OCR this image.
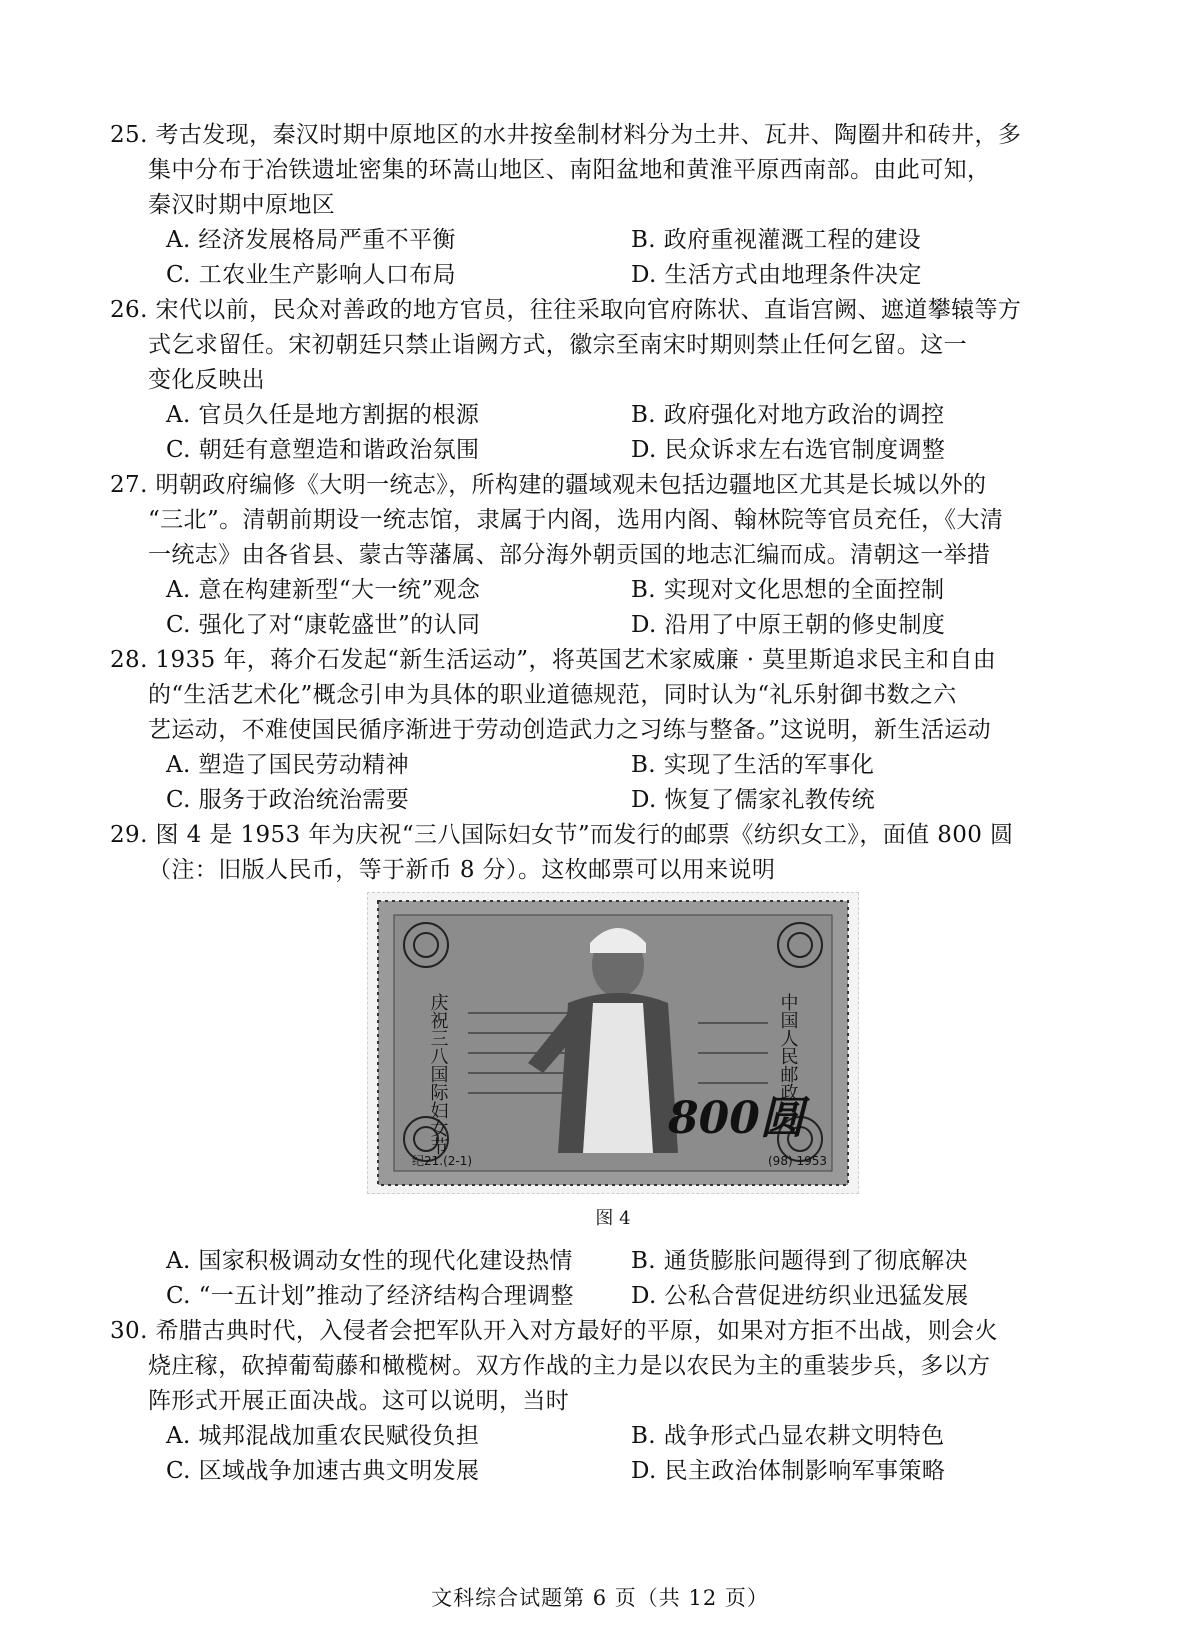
25. 考古发现，秦汉时期中原地区的水井按垒制材料分为土井、瓦井、陶圈井和砖井，多
集中分布于冶铁遗址密集的环嵩山地区、南阳盆地和黄淮平原西南部。由此可知，
秦汉时期中原地区
A. 经济发展格局严重不平衡	B. 政府重视灌溉工程的建设
C. 工农业生产影响人口布局	D. 生活方式由地理条件决定
26. 宋代以前，民众对善政的地方官员，往往采取向官府陈状、直诣宫阙、遮道攀辕等方
式乞求留任。宋初朝廷只禁止诣阙方式，徽宗至南宋时期则禁止任何乞留。这一
变化反映出
A. 官员久任是地方割据的根源	B. 政府强化对地方政治的调控
C. 朝廷有意塑造和谐政治氛围	D. 民众诉求左右选官制度调整
27. 明朝政府编修《大明一统志》，所构建的疆域观未包括边疆地区尤其是长城以外的
“三北”。清朝前期设一统志馆，隶属于内阁，选用内阁、翰林院等官员充任，《大清
一统志》由各省县、蒙古等藩属、部分海外朝贡国的地志汇编而成。清朝这一举措
A. 意在构建新型“大一统”观念	B. 实现对文化思想的全面控制
C. 强化了对“康乾盛世”的认同	D. 沿用了中原王朝的修史制度
28. 1935 年，蒋介石发起“新生活运动”，将英国艺术家威廉 · 莫里斯追求民主和自由
的“生活艺术化”概念引申为具体的职业道德规范，同时认为“礼乐射御书数之六
艺运动，不难使国民循序渐进于劳动创造武力之习练与整备。”这说明，新生活运动
A. 塑造了国民劳动精神	B. 实现了生活的军事化
C. 服务于政治统治需要	D. 恢复了儒家礼教传统
29. 图 4 是 1953 年为庆祝“三八国际妇女节”而发行的邮票《纺织女工》，面值 800 圆
（注：旧版人民币，等于新币 8 分）。这枚邮票可以用来说明
800圆
庆祝三八国际妇女节	中国人民邮政
纪21.(2-1)	(98) 1953
图 4
A. 国家积极调动女性的现代化建设热情	B. 通货膨胀问题得到了彻底解决
C. “一五计划”推动了经济结构合理调整	D. 公私合营促进纺织业迅猛发展
30. 希腊古典时代，入侵者会把军队开入对方最好的平原，如果对方拒不出战，则会火
烧庄稼，砍掉葡萄藤和橄榄树。双方作战的主力是以农民为主的重装步兵，多以方
阵形式开展正面决战。这可以说明，当时
A. 城邦混战加重农民赋役负担	B. 战争形式凸显农耕文明特色
C. 区域战争加速古典文明发展	D. 民主政治体制影响军事策略
文科综合试题第 6 页（共 12 页）
